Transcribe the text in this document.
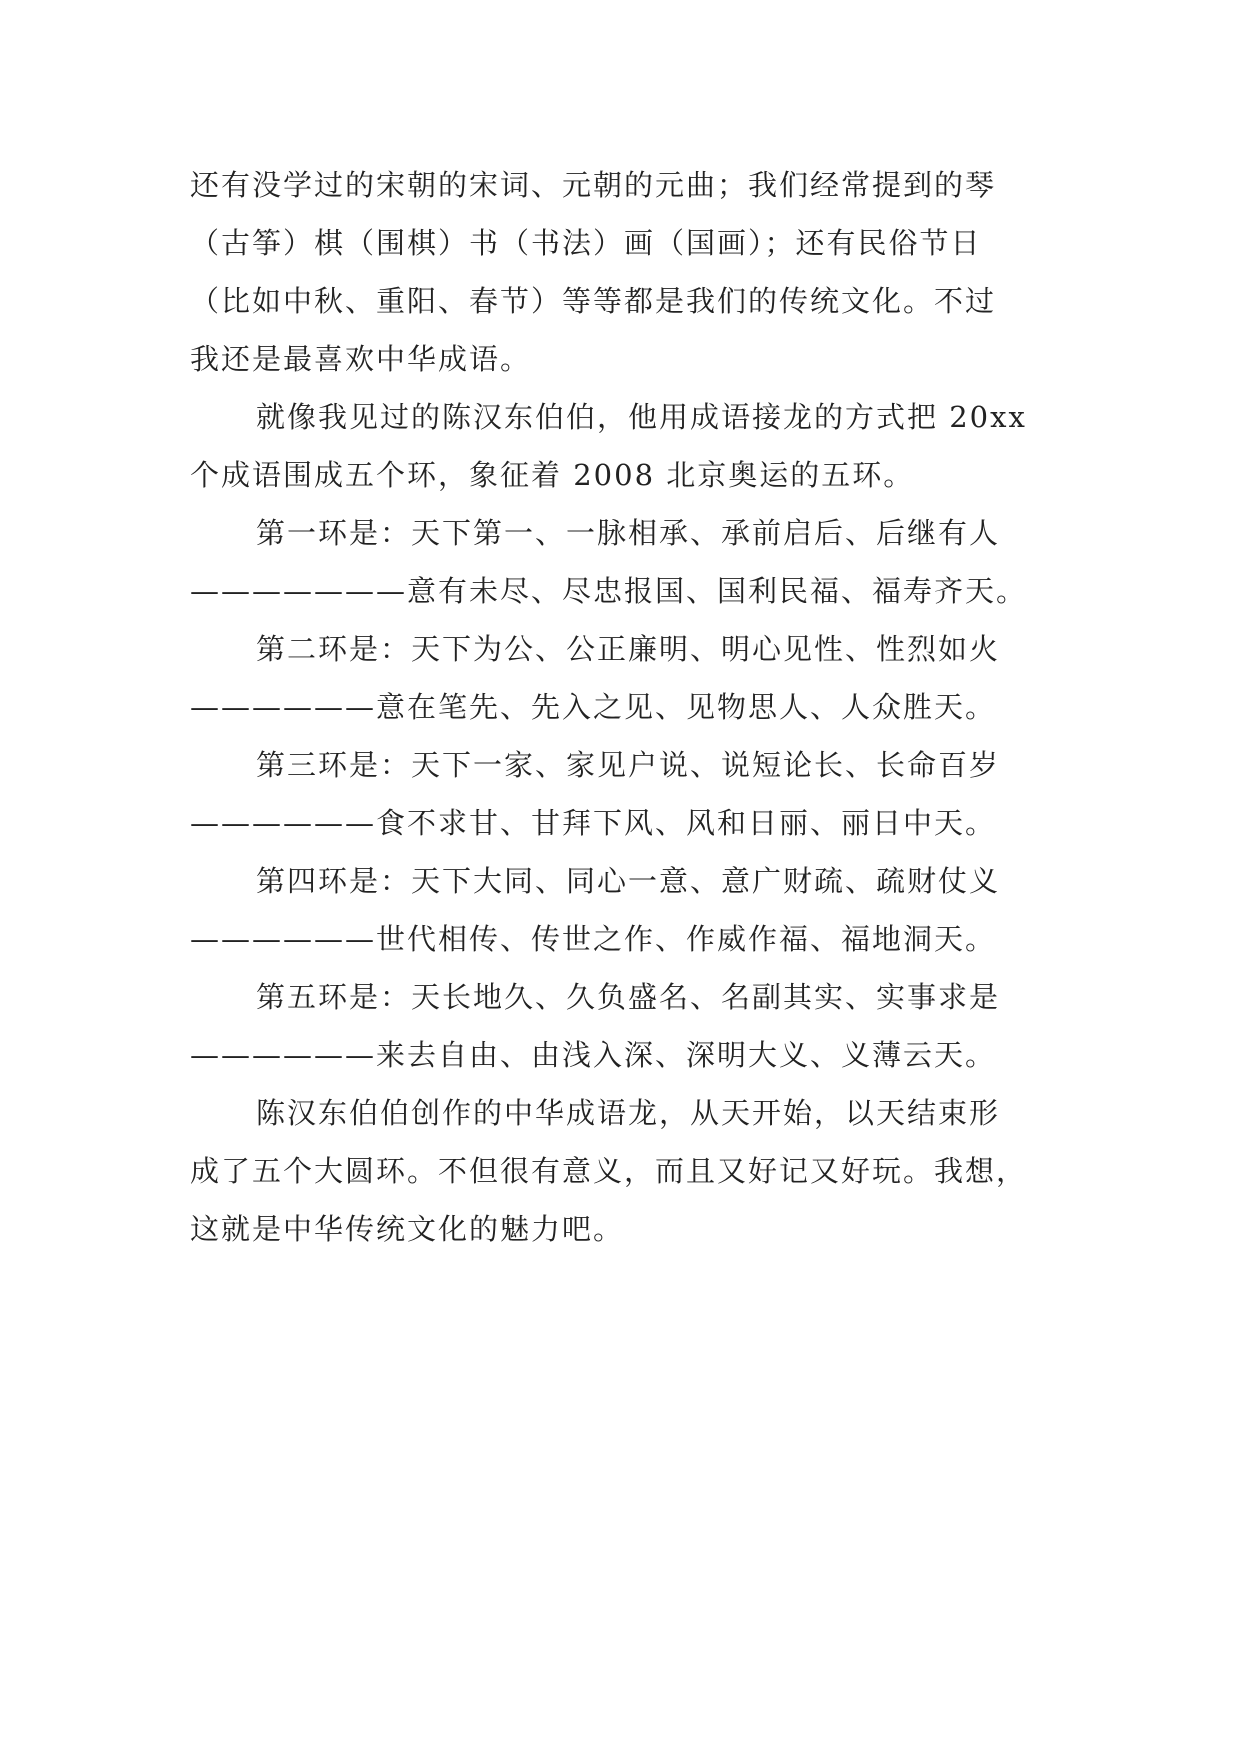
还有没学过的宋朝的宋词、元朝的元曲；我们经常提到的琴
（古筝）棋（围棋）书（书法）画（国画）；还有民俗节日
（比如中秋、重阳、春节）等等都是我们的传统文化。不过
我还是最喜欢中华成语。
就像我见过的陈汉东伯伯，他用成语接龙的方式把 20xx
个成语围成五个环，象征着 2008 北京奥运的五环。
第一环是：天下第一、一脉相承、承前启后、后继有人
———————意有未尽、尽忠报国、国利民福、福寿齐天。
第二环是：天下为公、公正廉明、明心见性、性烈如火
——————意在笔先、先入之见、见物思人、人众胜天。
第三环是：天下一家、家见户说、说短论长、长命百岁
——————食不求甘、甘拜下风、风和日丽、丽日中天。
第四环是：天下大同、同心一意、意广财疏、疏财仗义
——————世代相传、传世之作、作威作福、福地洞天。
第五环是：天长地久、久负盛名、名副其实、实事求是
——————来去自由、由浅入深、深明大义、义薄云天。
陈汉东伯伯创作的中华成语龙，从天开始，以天结束形
成了五个大圆环。不但很有意义，而且又好记又好玩。我想，
这就是中华传统文化的魅力吧。
